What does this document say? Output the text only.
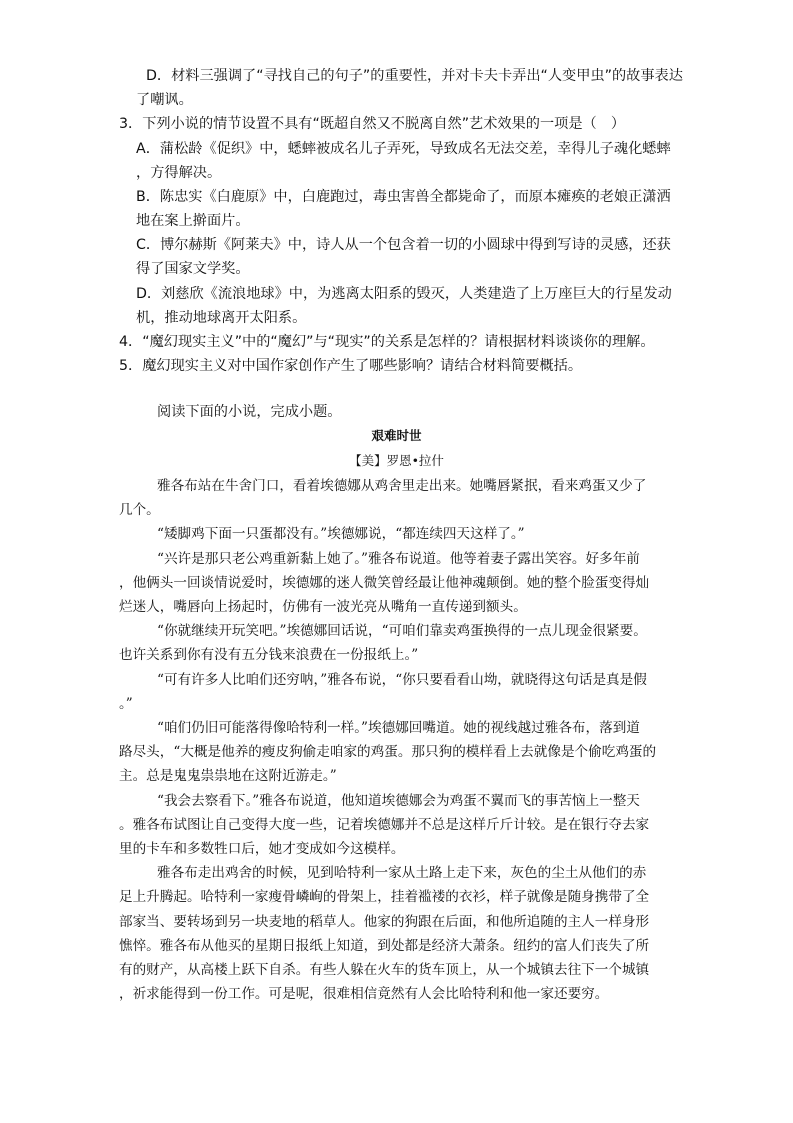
D．材料三强调了“寻找自己的句子”的重要性，并对卡夫卡弄出“人变甲虫”的故事表达
了嘲讽。
3．下列小说的情节设置不具有“既超自然又不脱离自然”艺术效果的一项是（　）
A．蒲松龄《促织》中，蟋蟀被成名儿子弄死，导致成名无法交差，幸得儿子魂化蟋蟀
，方得解决。
B．陈忠实《白鹿原》中，白鹿跑过，毒虫害兽全都毙命了，而原本瘫痪的老娘正潇洒
地在案上擀面片。
C．博尔赫斯《阿莱夫》中，诗人从一个包含着一切的小圆球中得到写诗的灵感，还获
得了国家文学奖。
D．刘慈欣《流浪地球》中，为逃离太阳系的毁灭，人类建造了上万座巨大的行星发动
机，推动地球离开太阳系。
4．“魔幻现实主义”中的“魔幻”与“现实”的关系是怎样的？请根据材料谈谈你的理解。
5．魔幻现实主义对中国作家创作产生了哪些影响？请结合材料简要概括。
阅读下面的小说，完成小题。
艰难时世
【美】罗恩•拉什
雅各布站在牛舍门口，看着埃德娜从鸡舍里走出来。她嘴唇紧抿，看来鸡蛋又少了
几个。
“矮脚鸡下面一只蛋都没有。”埃德娜说，“都连续四天这样了。”
“兴许是那只老公鸡重新黏上她了。”雅各布说道。他等着妻子露出笑容。好多年前
，他俩头一回谈情说爱时，埃德娜的迷人微笑曾经最让他神魂颠倒。她的整个脸蛋变得灿
烂迷人，嘴唇向上扬起时，仿佛有一波光亮从嘴角一直传递到额头。
“你就继续开玩笑吧。”埃德娜回话说，“可咱们靠卖鸡蛋换得的一点儿现金很紧要。
也许关系到你有没有五分钱来浪费在一份报纸上。”
“可有许多人比咱们还穷呐，”雅各布说，“你只要看看山坳，就晓得这句话是真是假
。”
“咱们仍旧可能落得像哈特利一样。”埃德娜回嘴道。她的视线越过雅各布，落到道
路尽头，“大概是他养的瘦皮狗偷走咱家的鸡蛋。那只狗的模样看上去就像是个偷吃鸡蛋的
主。总是鬼鬼祟祟地在这附近游走。”
“我会去察看下。”雅各布说道，他知道埃德娜会为鸡蛋不翼而飞的事苦恼上一整天
。雅各布试图让自己变得大度一些，记着埃德娜并不总是这样斤斤计较。是在银行夺去家
里的卡车和多数牲口后，她才变成如今这模样。
雅各布走出鸡舍的时候，见到哈特利一家从土路上走下来，灰色的尘土从他们的赤
足上升腾起。哈特利一家瘦骨嶙峋的骨架上，挂着褴褛的衣衫，样子就像是随身携带了全
部家当、要转场到另一块麦地的稻草人。他家的狗跟在后面，和他所追随的主人一样身形
憔悴。雅各布从他买的星期日报纸上知道，到处都是经济大萧条。纽约的富人们丧失了所
有的财产，从高楼上跃下自杀。有些人躲在火车的货车顶上，从一个城镇去往下一个城镇
，祈求能得到一份工作。可是呢，很难相信竟然有人会比哈特利和他一家还要穷。
